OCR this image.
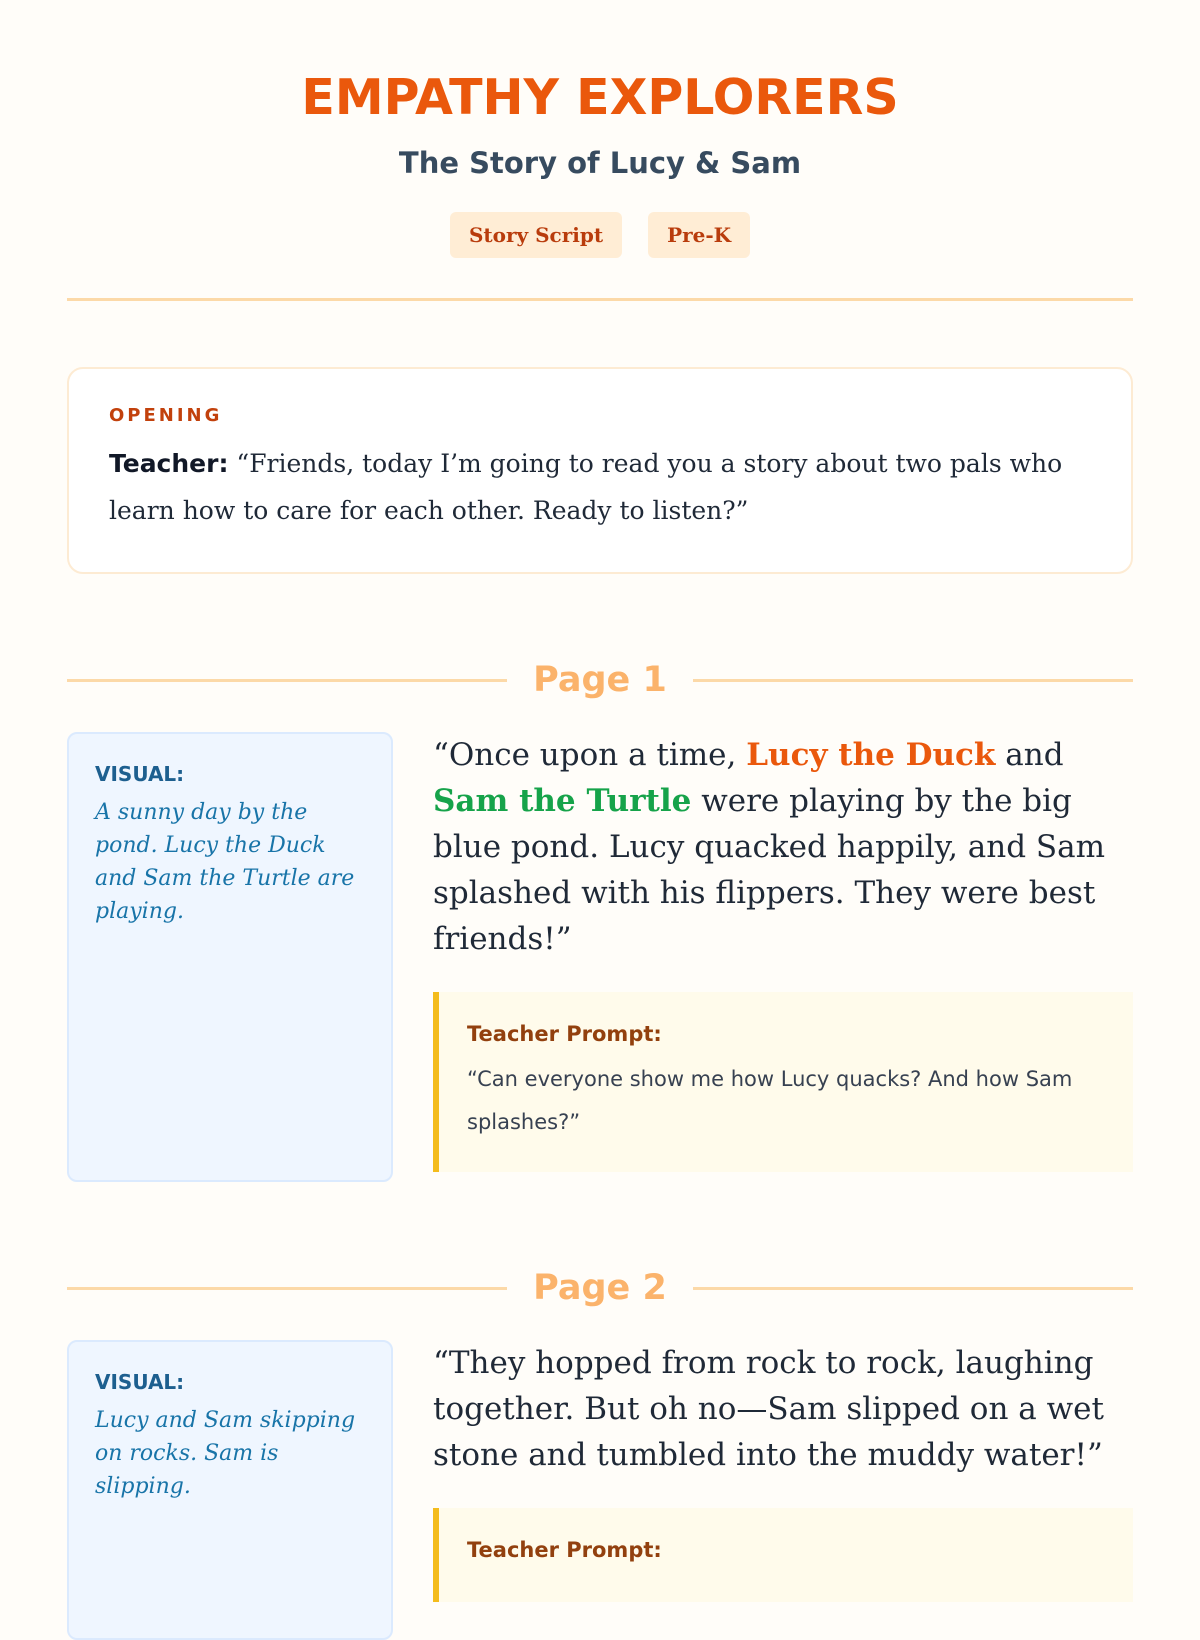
EMPATHY EXPLORERS
The Story of Lucy & Sam
Story Script	Pre-K

OPENING

Teacher: “Friends, today I’m going to read you a story about two pals who learn how to care for each other. Ready to listen?”

Page 1

VISUAL:

A sunny day by the pond. Lucy the Duck and Sam the Turtle are playing.

“Once upon a time, Lucy the Duck and Sam the Turtle were playing by the big blue pond. Lucy quacked happily, and Sam splashed with his flippers. They were best friends!”

Teacher Prompt:

“Can everyone show me how Lucy quacks? And how Sam splashes?”

Page 2

VISUAL:

Lucy and Sam skipping on rocks. Sam is slipping.

“They hopped from rock to rock, laughing together. But oh no—Sam slipped on a wet stone and tumbled into the muddy water!”

Teacher Prompt:
